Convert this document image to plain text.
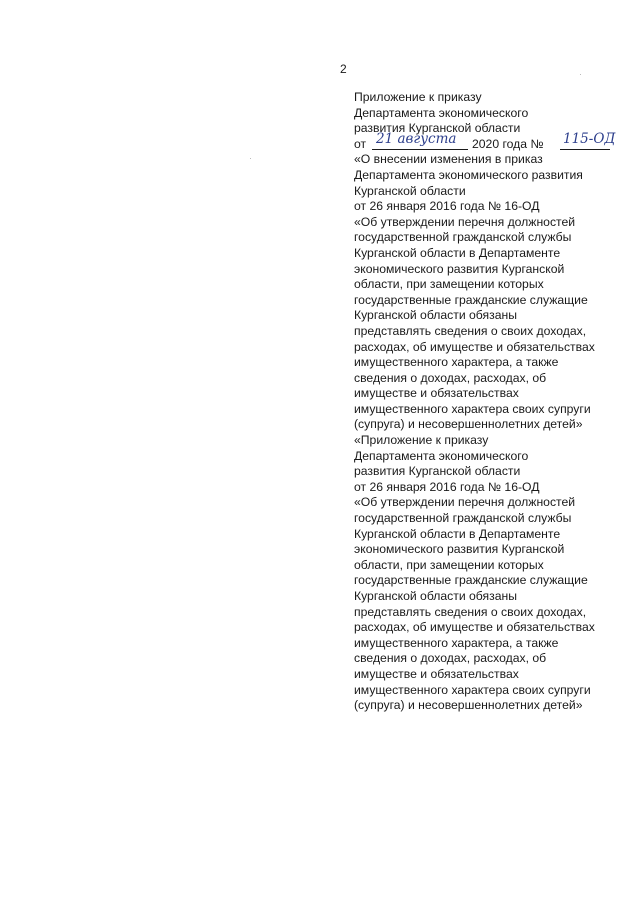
2
Приложение к приказу
Департамента экономического
развития Курганской области
от 21 августа 2020 года № 115-ОД
«О внесении изменения в приказ
Департамента экономического развития
Курганской области
от 26 января 2016 года № 16-ОД
«Об утверждении перечня должностей
государственной гражданской службы
Курганской области в Департаменте
экономического развития Курганской
области, при замещении которых
государственные гражданские служащие
Курганской области обязаны
представлять сведения о своих доходах,
расходах, об имуществе и обязательствах
имущественного характера, а также
сведения о доходах, расходах, об
имуществе и обязательствах
имущественного характера своих супруги
(супруга) и несовершеннолетних детей»
«Приложение к приказу
Департамента экономического
развития Курганской области
от 26 января 2016 года № 16-ОД
«Об утверждении перечня должностей
государственной гражданской службы
Курганской области в Департаменте
экономического развития Курганской
области, при замещении которых
государственные гражданские служащие
Курганской области обязаны
представлять сведения о своих доходах,
расходах, об имуществе и обязательствах
имущественного характера, а также
сведения о доходах, расходах, об
имуществе и обязательствах
имущественного характера своих супруги
(супруга) и несовершеннолетних детей»
